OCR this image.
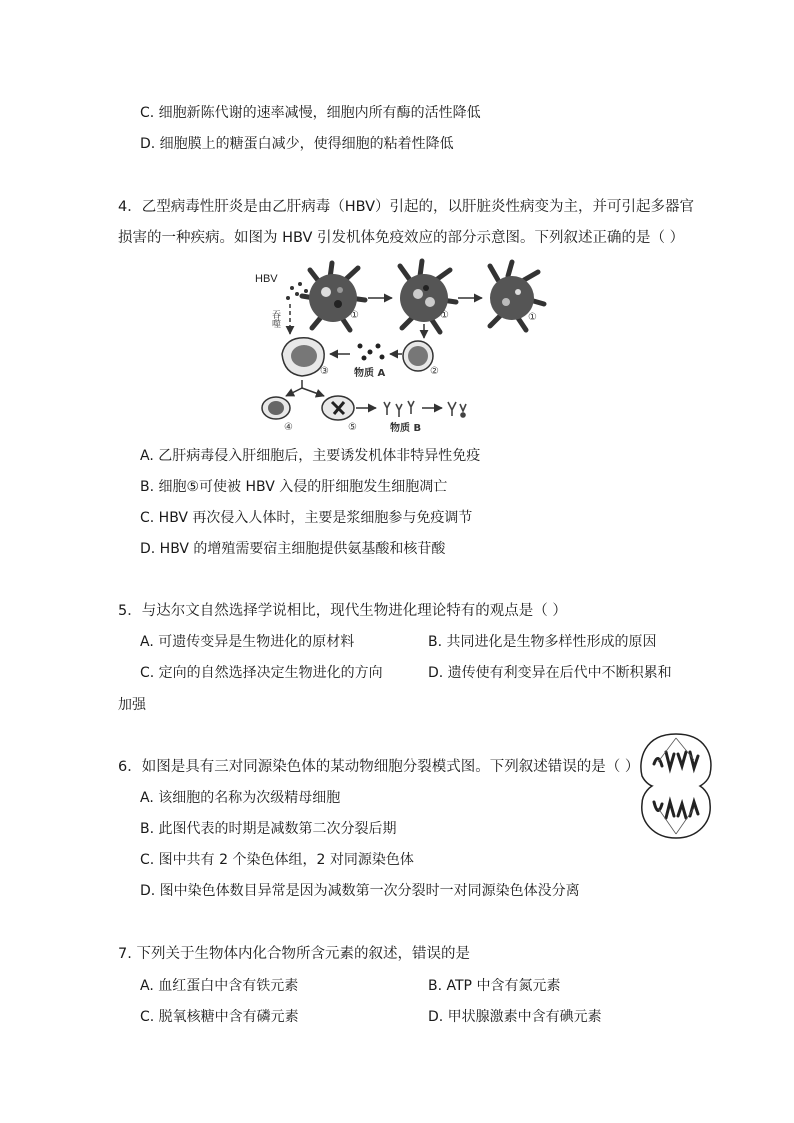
C. 细胞新陈代谢的速率减慢，细胞内所有酶的活性降低
D. 细胞膜上的糖蛋白减少，使得细胞的粘着性降低
4．乙型病毒性肝炎是由乙肝病毒（HBV）引起的，以肝脏炎性病变为主，并可引起多器官
损害的一种疾病。如图为 HBV 引发机体免疫效应的部分示意图。下列叙述正确的是（ ）
HBV
①	①	①
吞噬
③	物质 A	②
④	⑤	物质 B
A. 乙肝病毒侵入肝细胞后，主要诱发机体非特异性免疫
B. 细胞⑤可使被 HBV 入侵的肝细胞发生细胞凋亡
C. HBV 再次侵入人体时，主要是浆细胞参与免疫调节
D. HBV 的增殖需要宿主细胞提供氨基酸和核苷酸
5．与达尔文自然选择学说相比，现代生物进化理论特有的观点是（ ）
A. 可遗传变异是生物进化的原材料	B. 共同进化是生物多样性形成的原因
C. 定向的自然选择决定生物进化的方向	D. 遗传使有利变异在后代中不断积累和
加强
6．如图是具有三对同源染色体的某动物细胞分裂模式图。下列叙述错误的是（ ）
A. 该细胞的名称为次级精母细胞
B. 此图代表的时期是减数第二次分裂后期
C. 图中共有 2 个染色体组，2 对同源染色体
D. 图中染色体数目异常是因为减数第一次分裂时一对同源染色体没分离
7. 下列关于生物体内化合物所含元素的叙述，错误的是
A. 血红蛋白中含有铁元素	B. ATP 中含有氮元素
C. 脱氧核糖中含有磷元素	D. 甲状腺激素中含有碘元素
